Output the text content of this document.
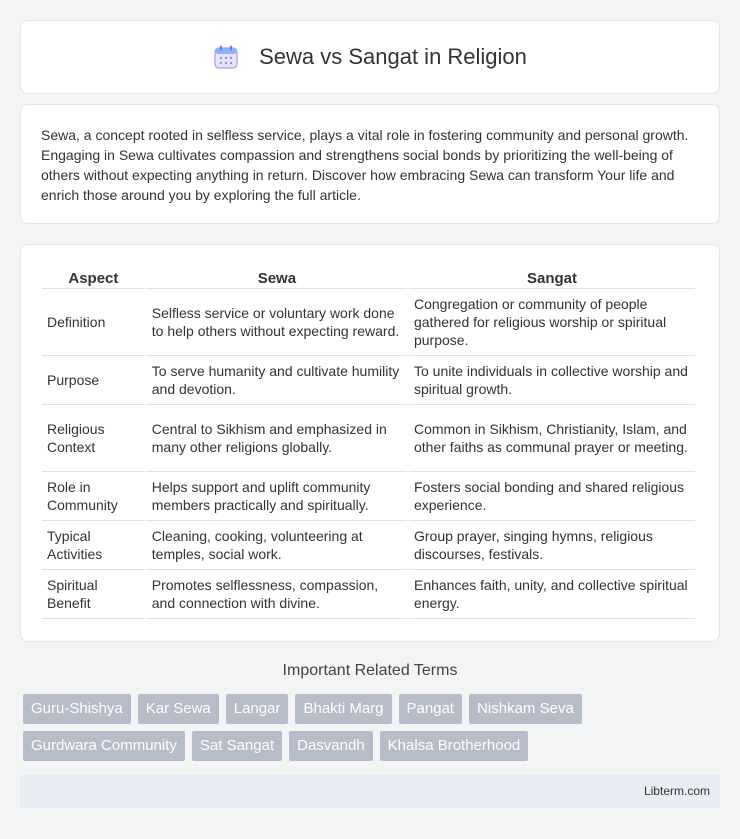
Sewa vs Sangat in Religion

Sewa, a concept rooted in selfless service, plays a vital role in fostering community and personal growth. Engaging in Sewa cultivates compassion and strengthens social bonds by prioritizing the well-being of others without expecting anything in return. Discover how embracing Sewa can transform Your life and enrich those around you by exploring the full article.

Aspect	Sewa	Sangat
Definition	Selfless service or voluntary work done to help others without expecting reward.	Congregation or community of people gathered for religious worship or spiritual purpose.
Purpose	To serve humanity and cultivate humility and devotion.	To unite individuals in collective worship and spiritual growth.
Religious Context	Central to Sikhism and emphasized in many other religions globally.	Common in Sikhism, Christianity, Islam, and other faiths as communal prayer or meeting.
Role in Community	Helps support and uplift community members practically and spiritually.	Fosters social bonding and shared religious experience.
Typical Activities	Cleaning, cooking, volunteering at temples, social work.	Group prayer, singing hymns, religious discourses, festivals.
Spiritual Benefit	Promotes selflessness, compassion, and connection with divine.	Enhances faith, unity, and collective spiritual energy.
Important Related Terms
Guru-Shishya	Kar Sewa	Langar	Bhakti Marg	Pangat	Nishkam Seva
Gurdwara Community	Sat Sangat	Dasvandh	Khalsa Brotherhood
Libterm.com
